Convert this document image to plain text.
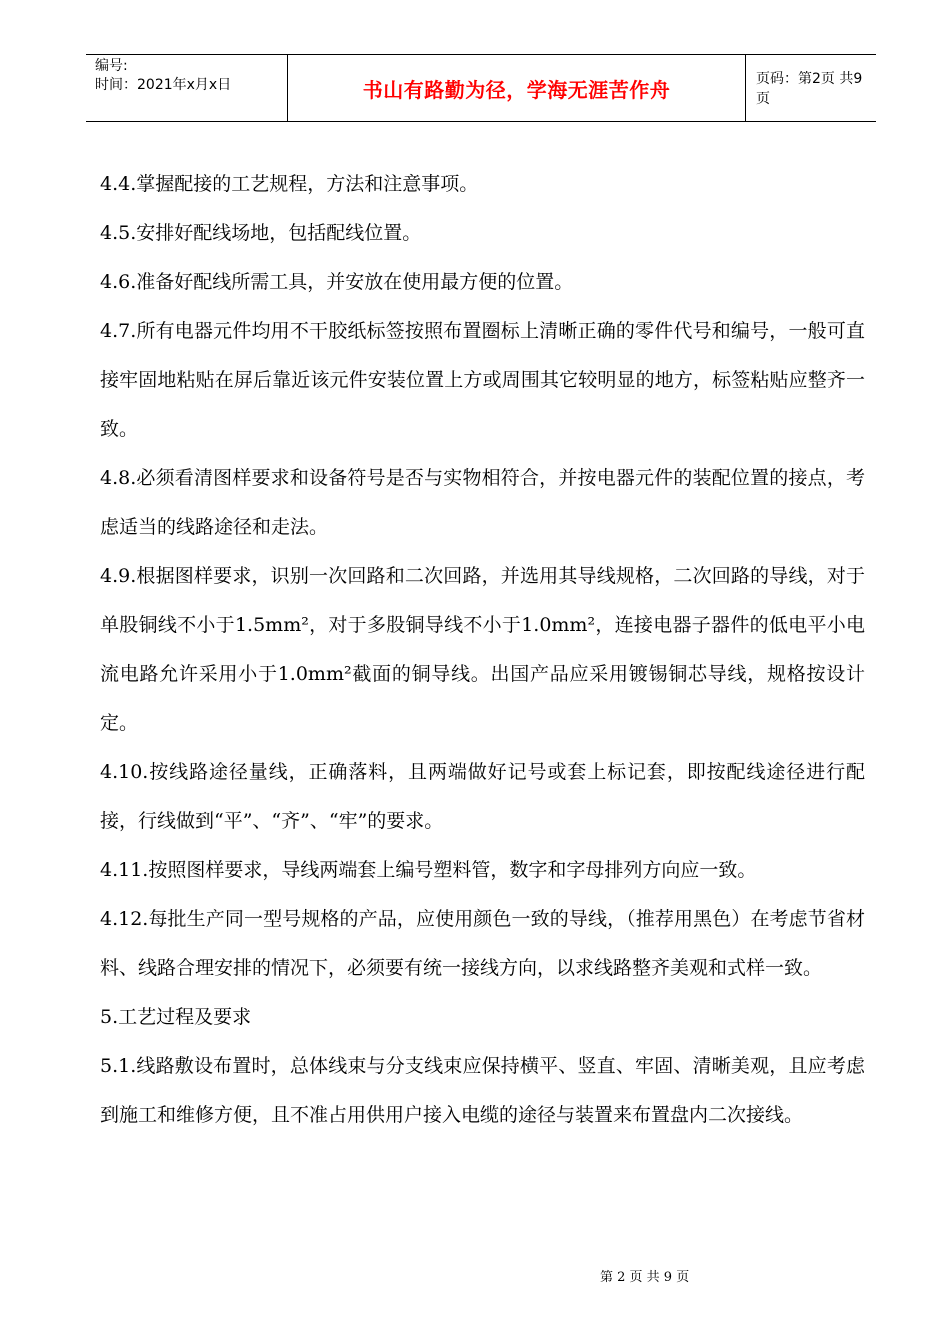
编号:
时间：2021年x月x日	书山有路勤为径，学海无涯苦作舟	页码：第2页 共9页

4.4.掌握配接的工艺规程，方法和注意事项。

4.5.安排好配线场地，包括配线位置。

4.6.准备好配线所需工具，并安放在使用最方便的位置。

4.7.所有电器元件均用不干胶纸标签按照布置圈标上清晰正确的零件代号和编号，一般可直接牢固地粘贴在屏后靠近该元件安装位置上方或周围其它较明显的地方，标签粘贴应整齐一致。

4.8.必须看清图样要求和设备符号是否与实物相符合，并按电器元件的装配位置的接点，考虑适当的线路途径和走法。

4.9.根据图样要求，识别一次回路和二次回路，并选用其导线规格，二次回路的导线，对于单股铜线不小于1.5mm²，对于多股铜导线不小于1.0mm²，连接电器子器件的低电平小电流电路允许采用小于1.0mm²截面的铜导线。出国产品应采用镀锡铜芯导线，规格按设计定。

4.10.按线路途径量线，正确落料，且两端做好记号或套上标记套，即按配线途径进行配接，行线做到“平”、“齐”、“牢”的要求。

4.11.按照图样要求，导线两端套上编号塑料管，数字和字母排列方向应一致。

4.12.每批生产同一型号规格的产品，应使用颜色一致的导线，（推荐用黑色）在考虑节省材料、线路合理安排的情况下，必须要有统一接线方向，以求线路整齐美观和式样一致。

5.工艺过程及要求

5.1.线路敷设布置时，总体线束与分支线束应保持横平、竖直、牢固、清晰美观，且应考虑到施工和维修方便，且不准占用供用户接入电缆的途径与装置来布置盘内二次接线。

第 2 页 共 9 页
